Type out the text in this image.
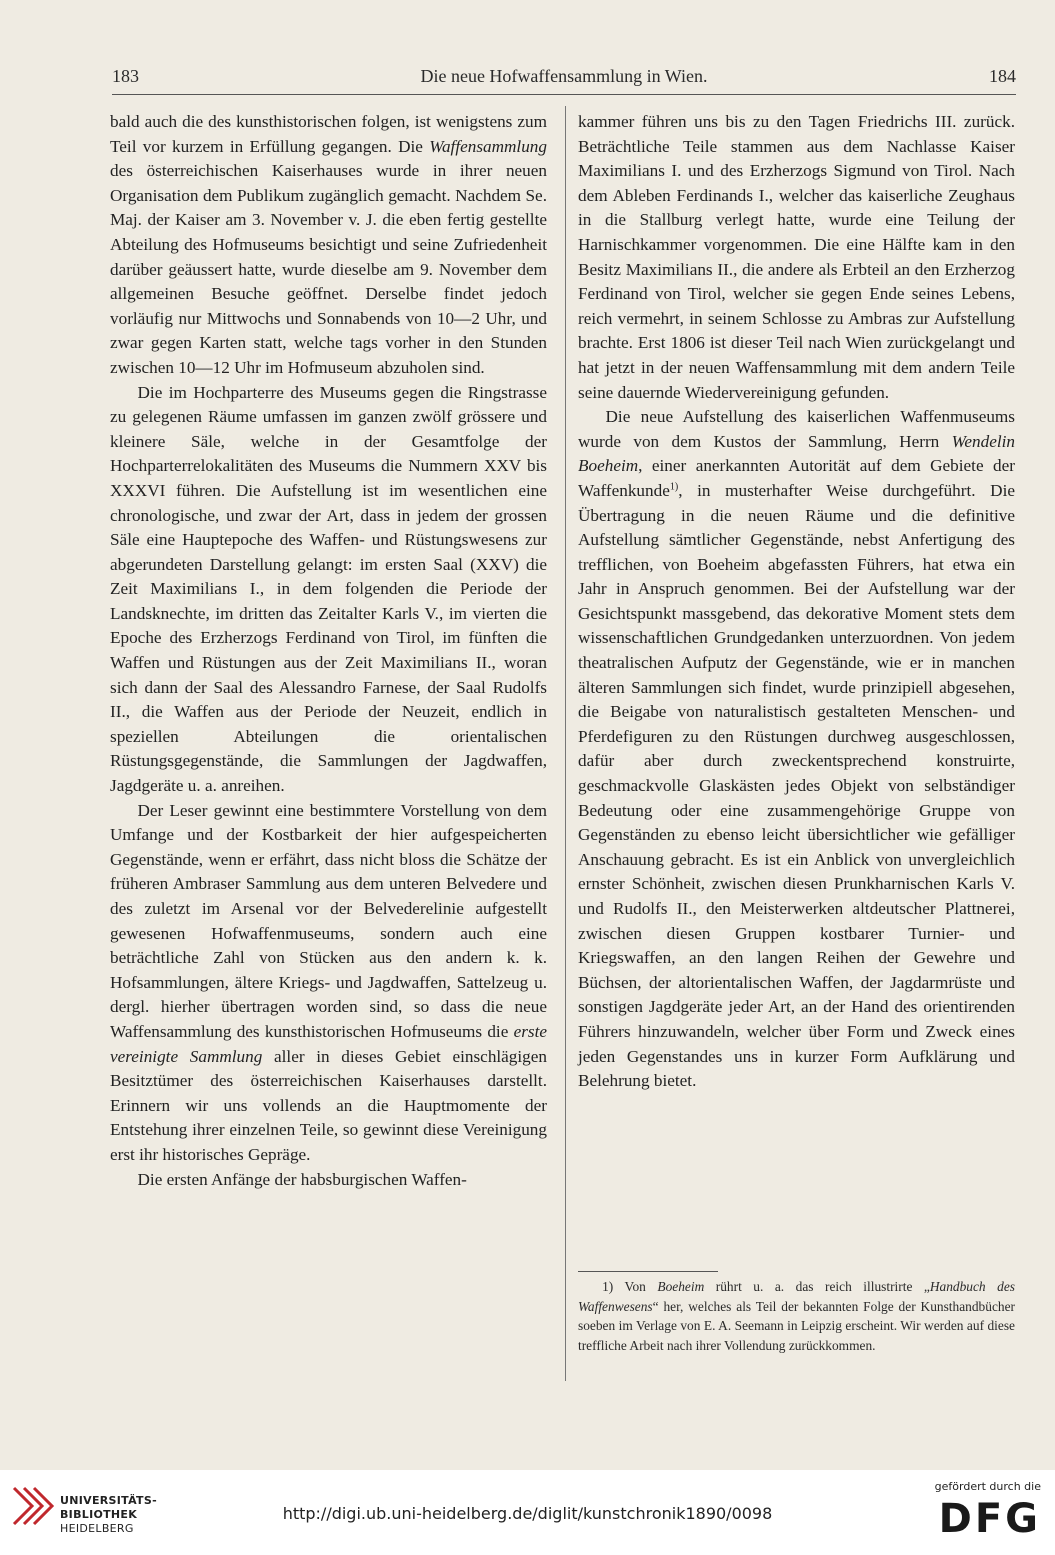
183	Die neue Hofwaffensammlung in Wien.	184

bald auch die des kunsthistorischen folgen, ist wenigstens zum Teil vor kurzem in Erfüllung gegangen. Die Waffensammlung des österreichischen Kaiserhauses wurde in ihrer neuen Organisation dem Publikum zugänglich gemacht. Nachdem Se. Maj. der Kaiser am 3. November v. J. die eben fertig gestellte Abteilung des Hofmuseums besichtigt und seine Zufriedenheit darüber geäussert hatte, wurde dieselbe am 9. November dem allgemeinen Besuche geöffnet. Derselbe findet jedoch vorläufig nur Mittwochs und Sonnabends von 10—2 Uhr, und zwar gegen Karten statt, welche tags vorher in den Stunden zwischen 10—12 Uhr im Hofmuseum abzuholen sind.

Die im Hochparterre des Museums gegen die Ringstrasse zu gelegenen Räume umfassen im ganzen zwölf grössere und kleinere Säle, welche in der Gesamtfolge der Hochparterrelokalitäten des Museums die Nummern XXV bis XXXVI führen. Die Aufstellung ist im wesentlichen eine chronologische, und zwar der Art, dass in jedem der grossen Säle eine Hauptepoche des Waffen- und Rüstungswesens zur abgerundeten Darstellung gelangt: im ersten Saal (XXV) die Zeit Maximilians I., in dem folgenden die Periode der Landsknechte, im dritten das Zeitalter Karls V., im vierten die Epoche des Erzherzogs Ferdinand von Tirol, im fünften die Waffen und Rüstungen aus der Zeit Maximilians II., woran sich dann der Saal des Alessandro Farnese, der Saal Rudolfs II., die Waffen aus der Periode der Neuzeit, endlich in speziellen Abteilungen die orientalischen Rüstungsgegenstände, die Sammlungen der Jagdwaffen, Jagdgeräte u. a. anreihen.

Der Leser gewinnt eine bestimmtere Vorstellung von dem Umfange und der Kostbarkeit der hier aufgespeicherten Gegenstände, wenn er erfährt, dass nicht bloss die Schätze der früheren Ambraser Sammlung aus dem unteren Belvedere und des zuletzt im Arsenal vor der Belvederelinie aufgestellt gewesenen Hofwaffenmuseums, sondern auch eine beträchtliche Zahl von Stücken aus den andern k. k. Hofsammlungen, ältere Kriegs- und Jagdwaffen, Sattelzeug u. dergl. hierher übertragen worden sind, so dass die neue Waffensammlung des kunsthistorischen Hofmuseums die erste vereinigte Sammlung aller in dieses Gebiet einschlägigen Besitztümer des österreichischen Kaiserhauses darstellt. Erinnern wir uns vollends an die Hauptmomente der Entstehung ihrer einzelnen Teile, so gewinnt diese Vereinigung erst ihr historisches Gepräge.

Die ersten Anfänge der habsburgischen Waffen-

kammer führen uns bis zu den Tagen Friedrichs III. zurück. Beträchtliche Teile stammen aus dem Nachlasse Kaiser Maximilians I. und des Erzherzogs Sigmund von Tirol. Nach dem Ableben Ferdinands I., welcher das kaiserliche Zeughaus in die Stallburg verlegt hatte, wurde eine Teilung der Harnischkammer vorgenommen. Die eine Hälfte kam in den Besitz Maximilians II., die andere als Erbteil an den Erzherzog Ferdinand von Tirol, welcher sie gegen Ende seines Lebens, reich vermehrt, in seinem Schlosse zu Ambras zur Aufstellung brachte. Erst 1806 ist dieser Teil nach Wien zurückgelangt und hat jetzt in der neuen Waffensammlung mit dem andern Teile seine dauernde Wiedervereinigung gefunden.

Die neue Aufstellung des kaiserlichen Waffenmuseums wurde von dem Kustos der Sammlung, Herrn Wendelin Boeheim, einer anerkannten Autorität auf dem Gebiete der Waffenkunde$^{1)}$, in musterhafter Weise durchgeführt. Die Übertragung in die neuen Räume und die definitive Aufstellung sämtlicher Gegenstände, nebst Anfertigung des trefflichen, von Boeheim abgefassten Führers, hat etwa ein Jahr in Anspruch genommen. Bei der Aufstellung war der Gesichtspunkt massgebend, das dekorative Moment stets dem wissenschaftlichen Grundgedanken unterzuordnen. Von jedem theatralischen Aufputz der Gegenstände, wie er in manchen älteren Sammlungen sich findet, wurde prinzipiell abgesehen, die Beigabe von naturalistisch gestalteten Menschen- und Pferdefiguren zu den Rüstungen durchweg ausgeschlossen, dafür aber durch zweckentsprechend konstruirte, geschmackvolle Glaskästen jedes Objekt von selbständiger Bedeutung oder eine zusammengehörige Gruppe von Gegenständen zu ebenso leicht übersichtlicher wie gefälliger Anschauung gebracht. Es ist ein Anblick von unvergleichlich ernster Schönheit, zwischen diesen Prunkharnischen Karls V. und Rudolfs II., den Meisterwerken altdeutscher Plattnerei, zwischen diesen Gruppen kostbarer Turnier- und Kriegswaffen, an den langen Reihen der Gewehre und Büchsen, der altorientalischen Waffen, der Jagdarmrüste und sonstigen Jagdgeräte jeder Art, an der Hand des orientirenden Führers hinzuwandeln, welcher über Form und Zweck eines jeden Gegenstandes uns in kurzer Form Aufklärung und Belehrung bietet.

1) Von Boeheim rührt u. a. das reich illustrirte „Handbuch des Waffenwesens“ her, welches als Teil der bekannten Folge der Kunsthandbücher soeben im Verlage von E. A. Seemann in Leipzig erscheint. Wir werden auf diese treffliche Arbeit nach ihrer Vollendung zurückkommen.
UNIVERSITÄTS-
BIBLIOTHEK
HEIDELBERG
http://digi.ub.uni-heidelberg.de/diglit/kunstchronik1890/0098
gefördert durch die
DFG
